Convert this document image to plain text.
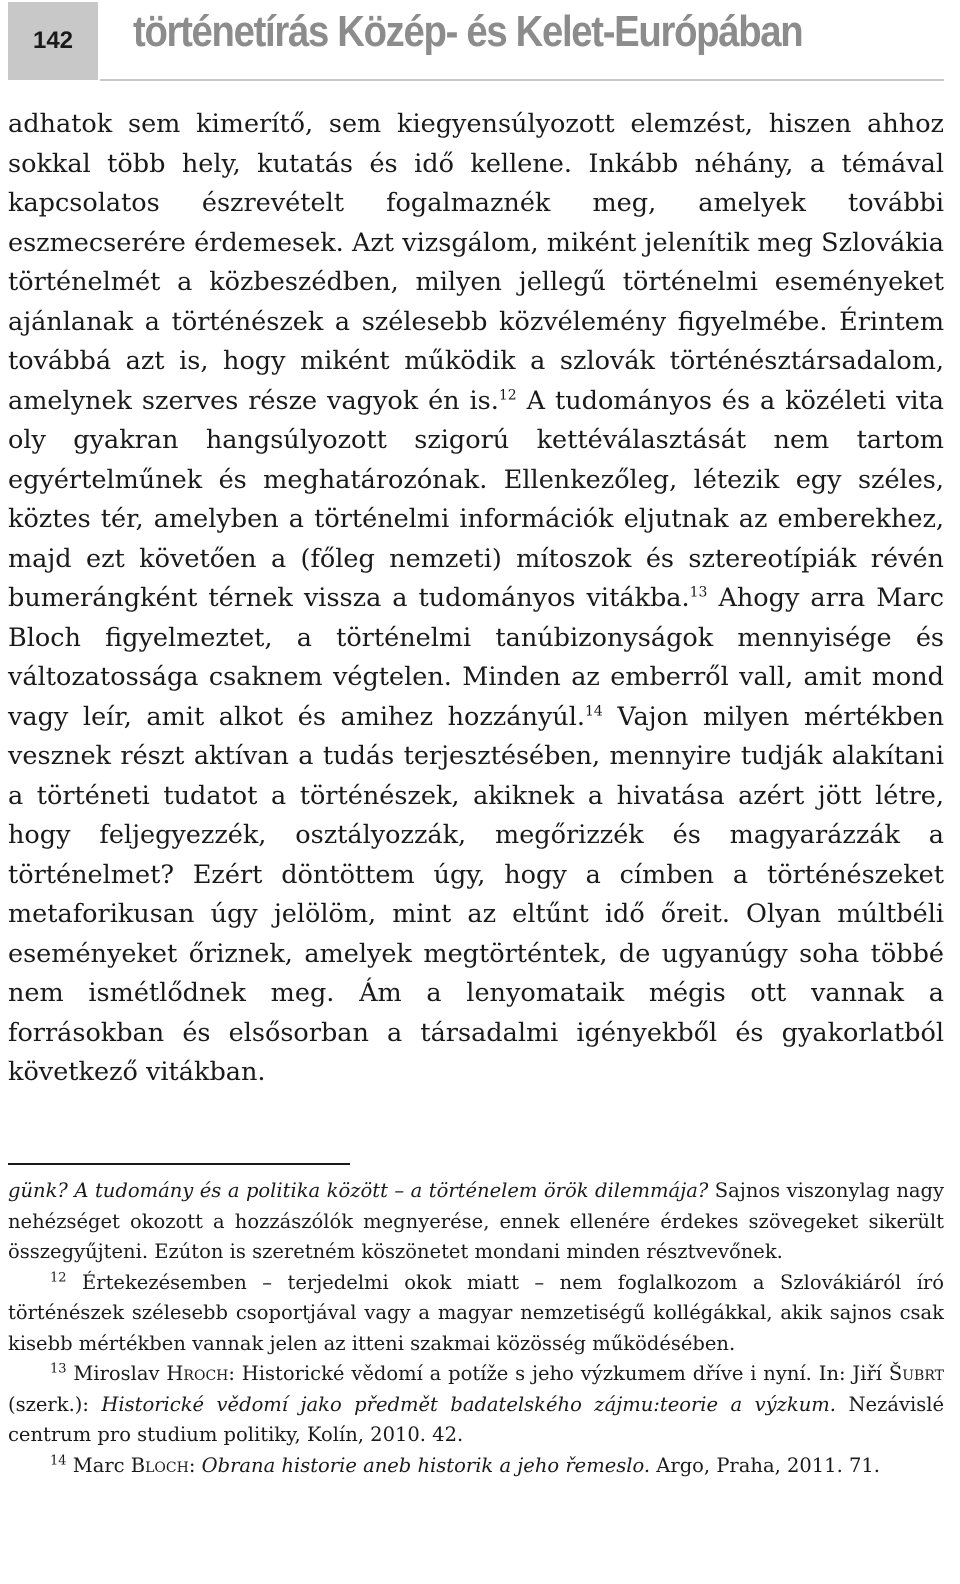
142	történetírás Közép- és Kelet-Európában

adhatok sem kimerítő, sem kiegyensúlyozott elemzést, hiszen ahhoz sokkal több hely, kutatás és idő kellene. Inkább néhány, a témával kapcsolatos észrevételt fogalmaznék meg, amelyek további eszmecserére érdemesek. Azt vizsgálom, miként jelenítik meg Szlovákia történelmét a közbeszédben, milyen jellegű történelmi eseményeket ajánlanak a történészek a szélesebb közvélemény figyelmébe. Érintem továbbá azt is, hogy miként működik a szlovák történésztársadalom, amelynek szerves része vagyok én is.$^{12}$ A tudományos és a közéleti vita oly gyakran hangsúlyozott szigorú kettéválasztását nem tartom egyértelműnek és meghatározónak. Ellenkezőleg, létezik egy széles, köztes tér, amelyben a történelmi információk eljutnak az emberekhez, majd ezt követően a (főleg nemzeti) mítoszok és sztereotípiák révén bumerángként térnek vissza a tudományos vitákba.$^{13}$ Ahogy arra Marc Bloch figyelmeztet, a történelmi tanúbizonyságok mennyisége és változatossága csaknem végtelen. Minden az emberről vall, amit mond vagy leír, amit alkot és amihez hozzányúl.$^{14}$ Vajon milyen mértékben vesznek részt aktívan a tudás terjesztésében, mennyire tudják alakítani a történeti tudatot a történészek, akiknek a hivatása azért jött létre, hogy feljegyezzék, osztályozzák, megőrizzék és magyarázzák a történelmet? Ezért döntöttem úgy, hogy a címben a történészeket metaforikusan úgy jelölöm, mint az eltűnt idő őreit. Olyan múltbéli eseményeket őriznek, amelyek megtörténtek, de ugyanúgy soha többé nem ismétlődnek meg. Ám a lenyomataik mégis ott vannak a forrásokban és elsősorban a társadalmi igényekből és gyakorlatból következő vitákban.

günk? A tudomány és a politika között – a történelem örök dilemmája? Sajnos viszonylag nagy nehézséget okozott a hozzászólók megnyerése, ennek ellenére érdekes szövegeket sikerült összegyűjteni. Ezúton is szeretném köszönetet mondani minden résztvevőnek.

$^{12}$ Értekezésemben – terjedelmi okok miatt – nem foglalkozom a Szlovákiáról író történészek szélesebb csoportjával vagy a magyar nemzetiségű kollégákkal, akik sajnos csak kisebb mértékben vannak jelen az itteni szakmai közösség működésében.

$^{13}$ Miroslav Hroch: Historické vědomí a potíže s jeho výzkumem dříve i nyní. In: Jiří Šubrt (szerk.): Historické vědomí jako předmět badatelského zájmu:teorie a výzkum. Nezávislé centrum pro studium politiky, Kolín, 2010. 42.

$^{14}$ Marc Bloch: Obrana historie aneb historik a jeho řemeslo. Argo, Praha, 2011. 71.
